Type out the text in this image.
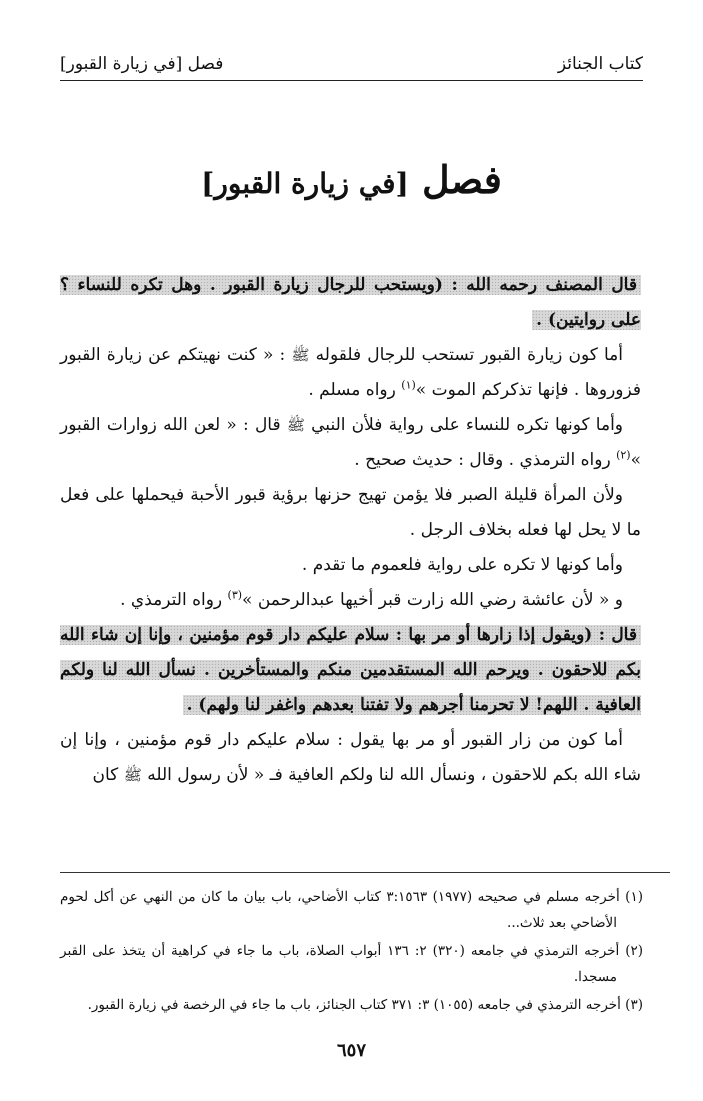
كتاب الجنائز
فصل [في زيارة القبور]
فصل [في زيارة القبور]

قال المصنف رحمه الله : (ويستحب للرجال زيارة القبور . وهل تكره للنساء ؟ على روايتين) .

أما كون زيارة القبور تستحب للرجال فلقوله ﷺ : « كنت نهيتكم عن زيارة القبور فزوروها . فإنها تذكركم الموت »$^{(١)}$ رواه مسلم .

وأما كونها تكره للنساء على رواية فلأن النبي ﷺ قال : « لعن الله زوارات القبور »$^{(٢)}$ رواه الترمذي . وقال : حديث صحيح .

ولأن المرأة قليلة الصبر فلا يؤمن تهيج حزنها برؤية قبور الأحبة فيحملها على فعل ما لا يحل لها فعله بخلاف الرجل .

وأما كونها لا تكره على رواية فلعموم ما تقدم .

و « لأن عائشة رضي الله زارت قبر أخيها عبدالرحمن »$^{(٣)}$ رواه الترمذي .

قال : (ويقول إذا زارها أو مر بها : سلام عليكم دار قوم مؤمنين ، وإنا إن شاء الله بكم للاحقون . ويرحم الله المستقدمين منكم والمستأخرين . نسأل الله لنا ولكم العافية . اللهم! لا تحرمنا أجرهم ولا تفتنا بعدهم واغفر لنا ولهم) .

أما كون من زار القبور أو مر بها يقول : سلام عليكم دار قوم مؤمنين ، وإنا إن شاء الله بكم للاحقون ، ونسأل الله لنا ولكم العافية فـ « لأن رسول الله ﷺ كان

(١) أخرجه مسلم في صحيحه (١٩٧٧) ٣:١٥٦٣ كتاب الأضاحي، باب بيان ما كان من النهي عن أكل لحوم الأضاحي بعد ثلاث...

(٢) أخرجه الترمذي في جامعه (٣٢٠) ٢: ١٣٦ أبواب الصلاة، باب ما جاء في كراهية أن يتخذ على القبر مسجدا.

(٣) أخرجه الترمذي في جامعه (١٠٥٥) ٣: ٣٧١ كتاب الجنائز، باب ما جاء في الرخصة في زيارة القبور.

٦٥٧
